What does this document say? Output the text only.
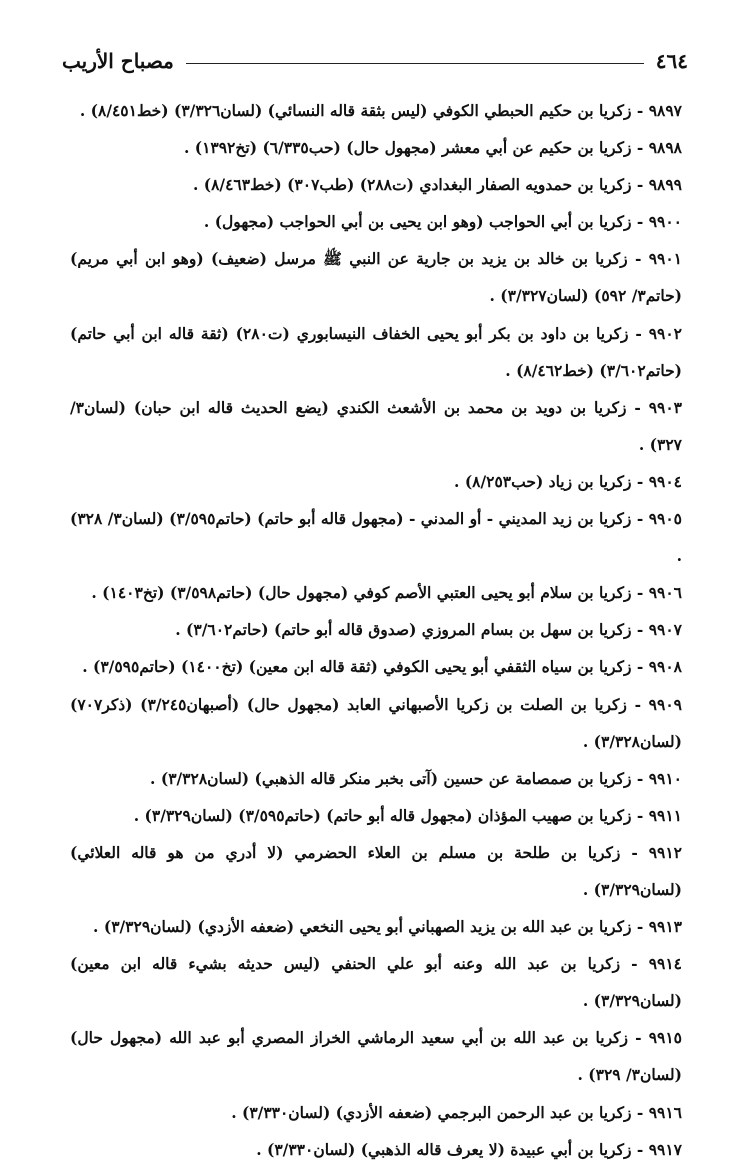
٤٦٤
مصباح الأريب

٩٨٩٧ - زكريا بن حكيم الحبطي الكوفي (ليس بثقة قاله النسائي) (لسان٣/٣٢٦) (خط٨/٤٥١) .

٩٨٩٨ - زكريا بن حكيم عن أبي معشر (مجهول حال) (حب٦/٣٣٥) (تخ١٣٩٢) .

٩٨٩٩ - زكريا بن حمدويه الصفار البغدادي (ت٢٨٨) (طب٣٠٧) (خط٨/٤٦٣) .

٩٩٠٠ - زكريا بن أبي الحواجب (وهو ابن يحيى بن أبي الحواجب (مجهول) .

٩٩٠١ - زكريا بن خالد بن يزيد بن جارية عن النبي ﷺ مرسل (ضعيف) (وهو ابن أبي مريم) (حاتم٣/ ٥٩٢) (لسان٣/٣٢٧) .

٩٩٠٢ - زكريا بن داود بن بكر أبو يحيى الخفاف النيسابوري (ت٢٨٠) (ثقة قاله ابن أبي حاتم) (حاتم٣/٦٠٢) (خط٨/٤٦٢) .

٩٩٠٣ - زكريا بن دويد بن محمد بن الأشعث الكندي (يضع الحديث قاله ابن حبان) (لسان٣/ ٣٢٧) .

٩٩٠٤ - زكريا بن زياد (حب٨/٢٥٣) .

٩٩٠٥ - زكريا بن زيد المديني - أو المدني - (مجهول قاله أبو حاتم) (حاتم٣/٥٩٥) (لسان٣/ ٣٢٨) .

٩٩٠٦ - زكريا بن سلام أبو يحيى العتبي الأصم كوفي (مجهول حال) (حاتم٣/٥٩٨) (تخ١٤٠٣) .

٩٩٠٧ - زكريا بن سهل بن بسام المروزي (صدوق قاله أبو حاتم) (حاتم٣/٦٠٢) .

٩٩٠٨ - زكريا بن سياه الثقفي أبو يحيى الكوفي (ثقة قاله ابن معين) (تخ١٤٠٠) (حاتم٣/٥٩٥) .

٩٩٠٩ - زكريا بن الصلت بن زكريا الأصبهاني العابد (مجهول حال) (أصبهان٣/٢٤٥) (ذكر٧٠٧) (لسان٣/٣٢٨) .

٩٩١٠ - زكريا بن صمصامة عن حسين (آتى بخبر منكر قاله الذهبي) (لسان٣/٣٢٨) .

٩٩١١ - زكريا بن صهيب المؤذان (مجهول قاله أبو حاتم) (حاتم٣/٥٩٥) (لسان٣/٣٢٩) .

٩٩١٢ - زكريا بن طلحة بن مسلم بن العلاء الحضرمي (لا أدري من هو قاله العلائي) (لسان٣/٣٢٩) .

٩٩١٣ - زكريا بن عبد الله بن يزيد الصهباني أبو يحيى النخعي (ضعفه الأزدي) (لسان٣/٣٢٩) .

٩٩١٤ - زكريا بن عبد الله وعنه أبو علي الحنفي (ليس حديثه بشيء قاله ابن معين) (لسان٣/٣٢٩) .

٩٩١٥ - زكريا بن عبد الله بن أبي سعيد الرماشي الخراز المصري أبو عبد الله (مجهول حال) (لسان٣/ ٣٢٩) .

٩٩١٦ - زكريا بن عبد الرحمن البرجمي (ضعفه الأزدي) (لسان٣/٣٣٠) .

٩٩١٧ - زكريا بن أبي عبيدة (لا يعرف قاله الذهبي) (لسان٣/٣٣٠) .
